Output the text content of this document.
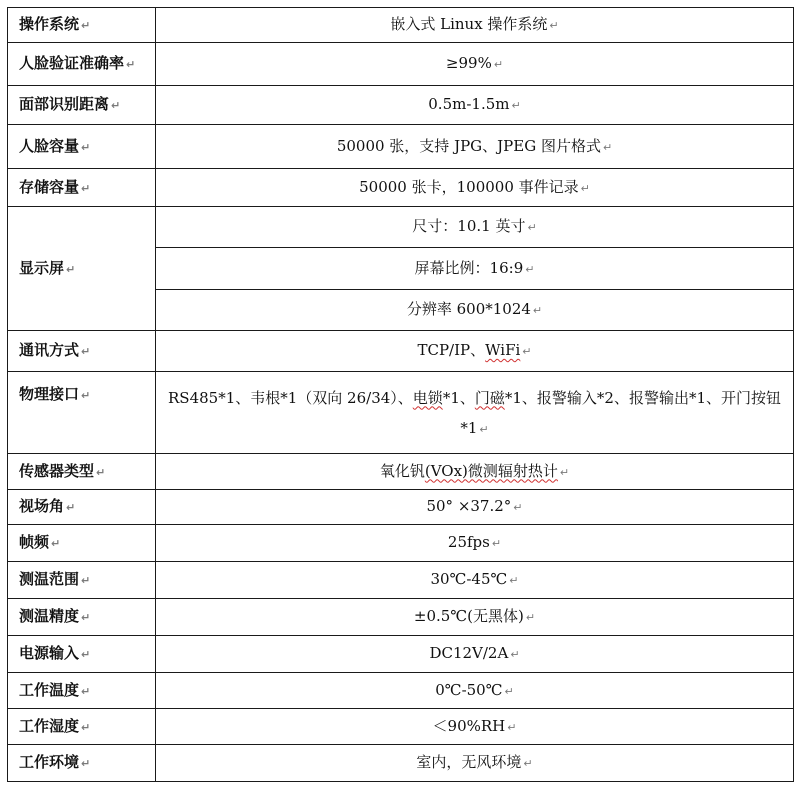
操作系统 ↵	嵌入式 Linux 操作系统 ↵
人脸验证准确率 ↵	≥99% ↵
面部识别距离 ↵	0.5m-1.5m ↵
人脸容量 ↵	50000 张，支持 JPG、JPEG 图片格式 ↵
存储容量 ↵	50000 张卡，100000 事件记录 ↵
显示屏 ↵	尺寸：10.1 英寸 ↵
	屏幕比例：16:9 ↵
	分辨率 600*1024 ↵
通讯方式 ↵	TCP/IP、WiFi ↵
物理接口 ↵	RS485*1、韦根*1（双向 26/34）、电锁*1、门磁*1、报警输入*2、报警输出*1、开门按钮*1 ↵
传感器类型 ↵	氧化钒(VOx)微测辐射热计 ↵
视场角 ↵	50° ×37.2° ↵
帧频 ↵	25fps ↵
测温范围 ↵	30℃-45℃ ↵
测温精度 ↵	±0.5℃(无黑体) ↵
电源输入 ↵	DC12V/2A ↵
工作温度 ↵	0℃-50℃ ↵
工作湿度 ↵	＜90%RH ↵
工作环境 ↵	室内，无风环境 ↵
